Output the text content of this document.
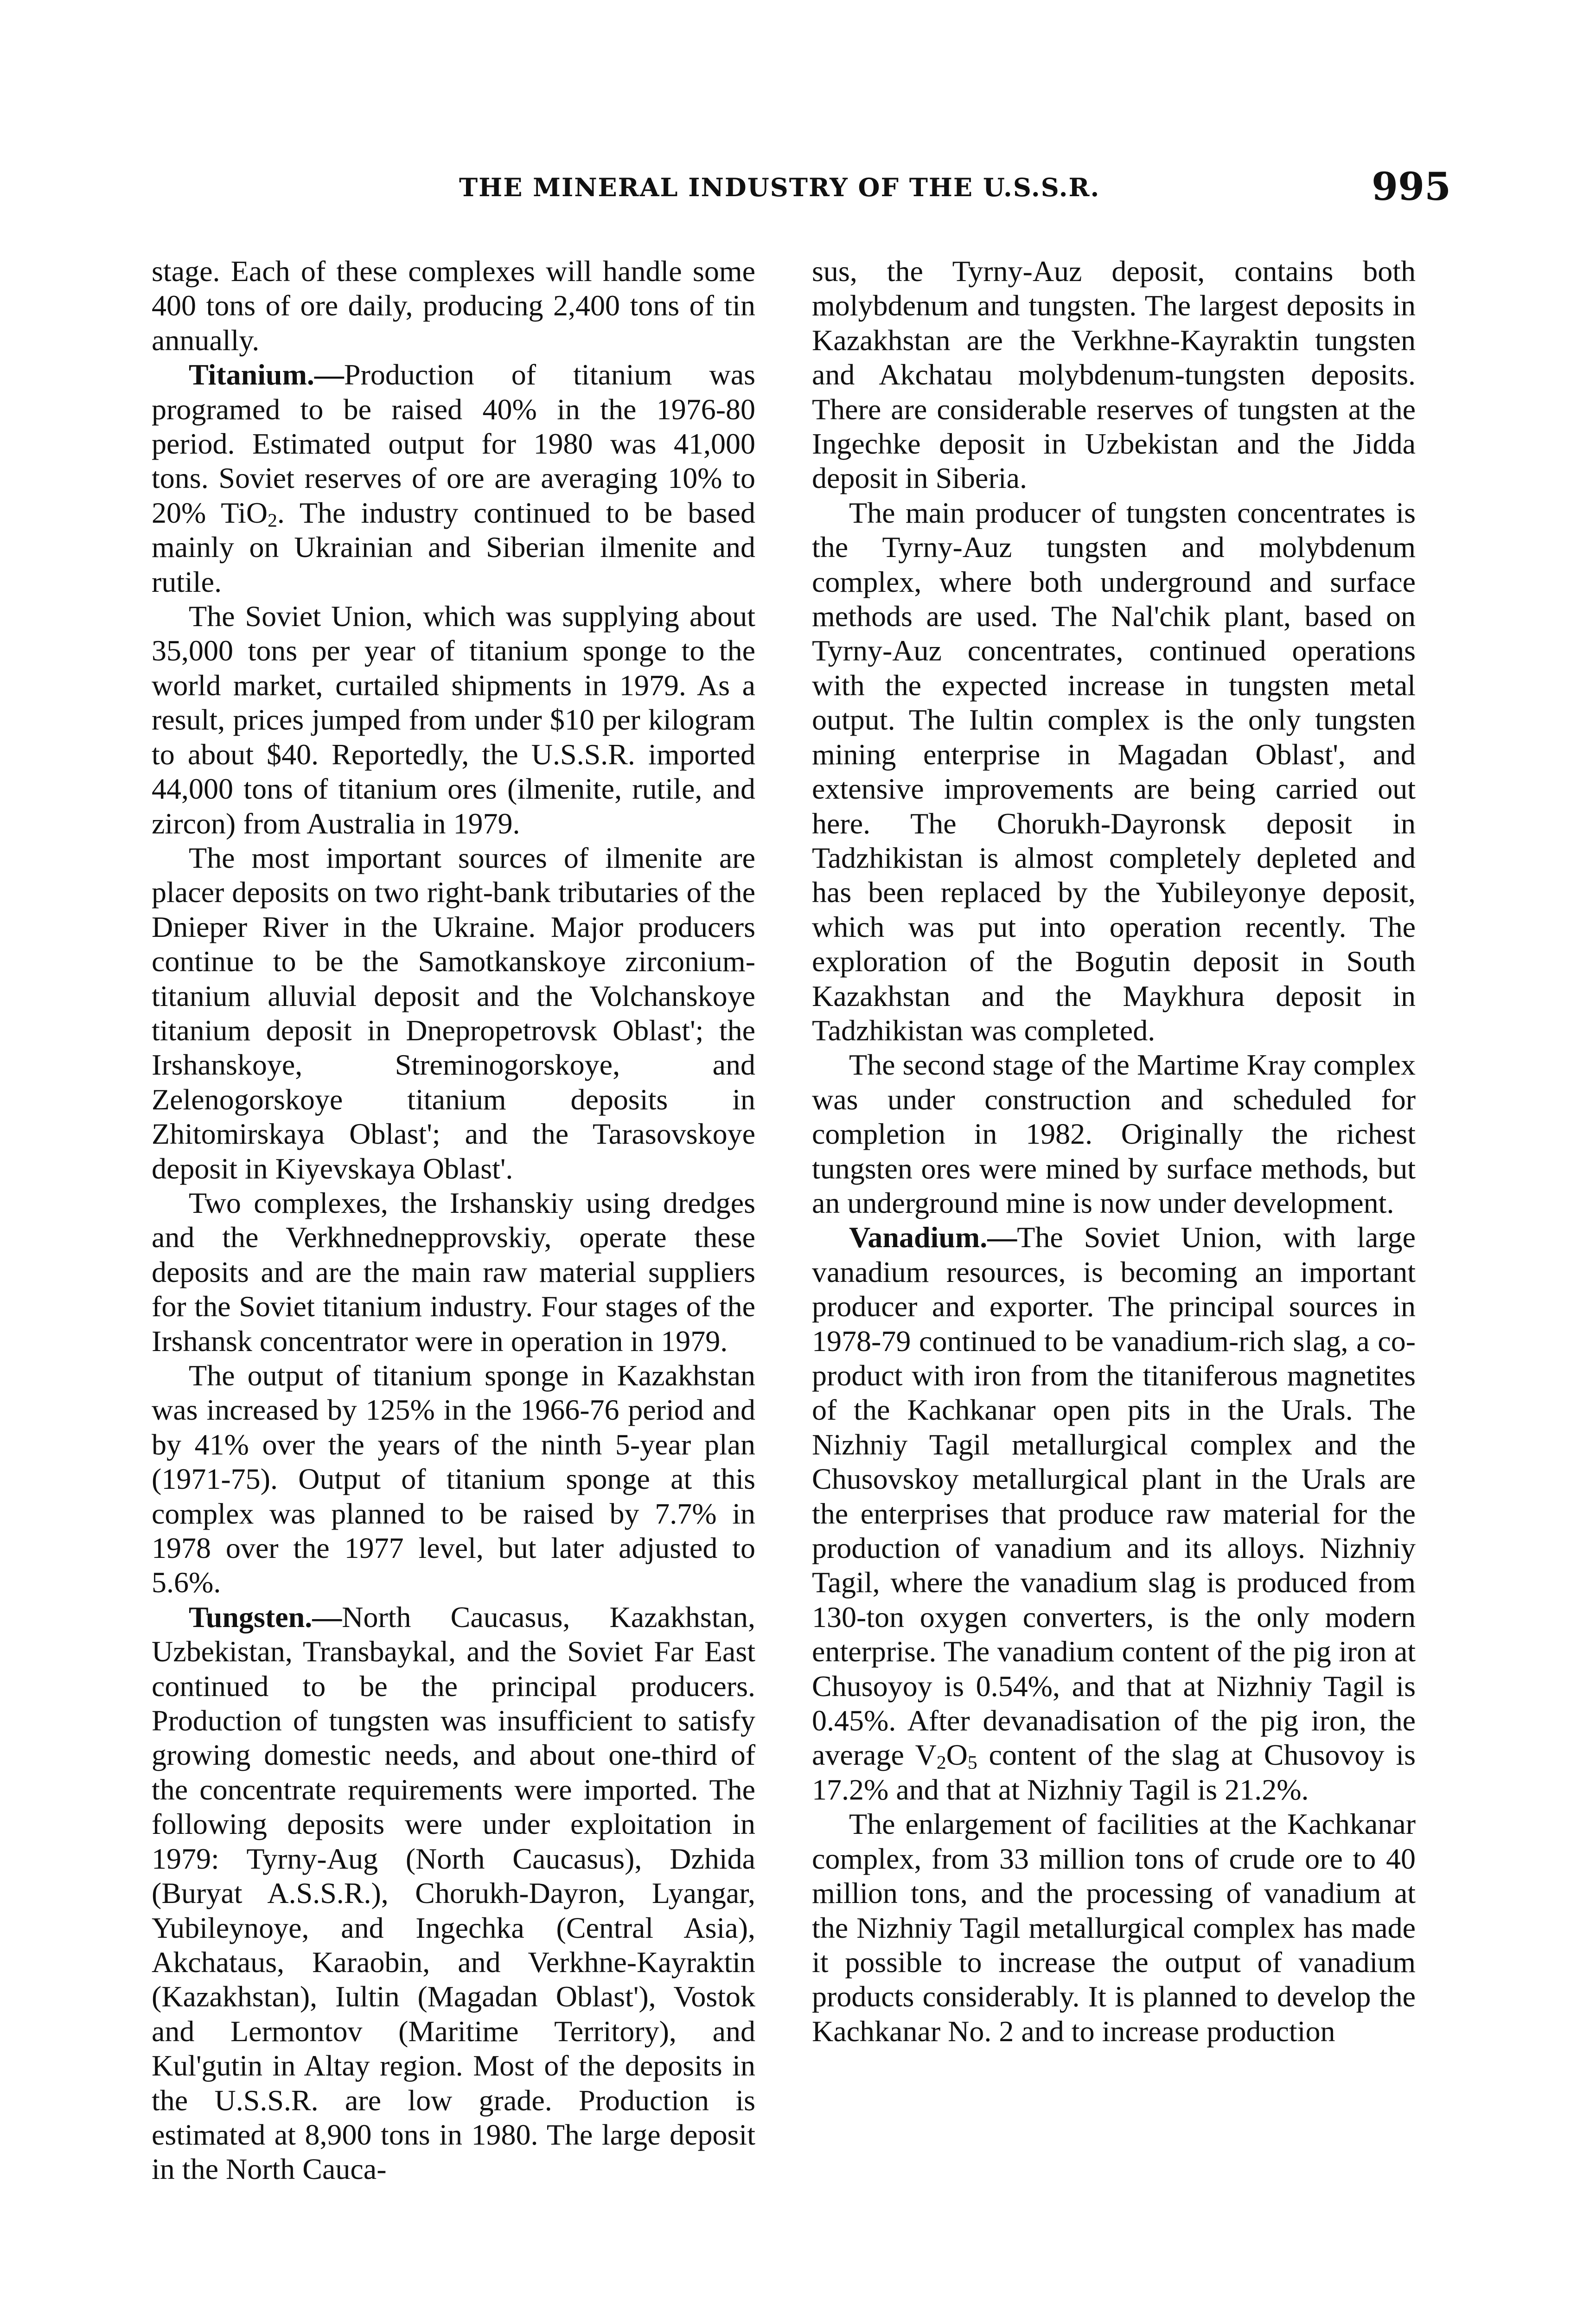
THE MINERAL INDUSTRY OF THE U.S.S.R.	995

stage. Each of these complexes will handle some 400 tons of ore daily, producing 2,400 tons of tin annually.

Titanium.—Production of titanium was programed to be raised 40% in the 1976-80 period. Estimated output for 1980 was 41,000 tons. Soviet reserves of ore are averaging 10% to 20% TiO$_2$. The industry continued to be based mainly on Ukrainian and Siberian ilmenite and rutile.

The Soviet Union, which was supplying about 35,000 tons per year of titanium sponge to the world market, curtailed shipments in 1979. As a result, prices jumped from under $10 per kilogram to about $40. Reportedly, the U.S.S.R. imported 44,000 tons of titanium ores (ilmenite, rutile, and zircon) from Australia in 1979.

The most important sources of ilmenite are placer deposits on two right-bank tributaries of the Dnieper River in the Ukraine. Major producers continue to be the Samotkanskoye zirconium-titanium alluvial deposit and the Volchanskoye titanium deposit in Dnepropetrovsk Oblast'; the Irshanskoye, Streminogorskoye, and Zelenogorskoye titanium deposits in Zhitomirskaya Oblast'; and the Tarasovskoye deposit in Kiyevskaya Oblast'.

Two complexes, the Irshanskiy using dredges and the Verkhnednepprovskiy, operate these deposits and are the main raw material suppliers for the Soviet titanium industry. Four stages of the Irshansk concentrator were in operation in 1979.

The output of titanium sponge in Kazakhstan was increased by 125% in the 1966-76 period and by 41% over the years of the ninth 5-year plan (1971-75). Output of titanium sponge at this complex was planned to be raised by 7.7% in 1978 over the 1977 level, but later adjusted to 5.6%.

Tungsten.—North Caucasus, Kazakhstan, Uzbekistan, Transbaykal, and the Soviet Far East continued to be the principal producers. Production of tungsten was insufficient to satisfy growing domestic needs, and about one-third of the concentrate requirements were imported. The following deposits were under exploitation in 1979: Tyrny-Aug (North Caucasus), Dzhida (Buryat A.S.S.R.), Chorukh-Dayron, Lyangar, Yubileynoye, and Ingechka (Central Asia), Akchataus, Karaobin, and Verkhne-Kayraktin (Kazakhstan), Iultin (Magadan Oblast'), Vostok and Lermontov (Maritime Territory), and Kul'gutin in Altay region. Most of the deposits in the U.S.S.R. are low grade. Production is estimated at 8,900 tons in 1980. The large deposit in the North Cauca-

sus, the Tyrny-Auz deposit, contains both molybdenum and tungsten. The largest deposits in Kazakhstan are the Verkhne-Kayraktin tungsten and Akchatau molybdenum-tungsten deposits. There are considerable reserves of tungsten at the Ingechke deposit in Uzbekistan and the Jidda deposit in Siberia.

The main producer of tungsten concentrates is the Tyrny-Auz tungsten and molybdenum complex, where both underground and surface methods are used. The Nal'chik plant, based on Tyrny-Auz concentrates, continued operations with the expected increase in tungsten metal output. The Iultin complex is the only tungsten mining enterprise in Magadan Oblast', and extensive improvements are being carried out here. The Chorukh-Dayronsk deposit in Tadzhikistan is almost completely depleted and has been replaced by the Yubileyonye deposit, which was put into operation recently. The exploration of the Bogutin deposit in South Kazakhstan and the Maykhura deposit in Tadzhikistan was completed.

The second stage of the Martime Kray complex was under construction and scheduled for completion in 1982. Originally the richest tungsten ores were mined by surface methods, but an underground mine is now under development.

Vanadium.—The Soviet Union, with large vanadium resources, is becoming an important producer and exporter. The principal sources in 1978-79 continued to be vanadium-rich slag, a co-product with iron from the titaniferous magnetites of the Kachkanar open pits in the Urals. The Nizhniy Tagil metallurgical complex and the Chusovskoy metallurgical plant in the Urals are the enterprises that produce raw material for the production of vanadium and its alloys. Nizhniy Tagil, where the vanadium slag is produced from 130-ton oxygen converters, is the only modern enterprise. The vanadium content of the pig iron at Chusoyoy is 0.54%, and that at Nizhniy Tagil is 0.45%. After devanadisation of the pig iron, the average $V_2O_5$ content of the slag at Chusovoy is 17.2% and that at Nizhniy Tagil is 21.2%.

The enlargement of facilities at the Kachkanar complex, from 33 million tons of crude ore to 40 million tons, and the processing of vanadium at the Nizhniy Tagil metallurgical complex has made it possible to increase the output of vanadium products considerably. It is planned to develop the Kachkanar No. 2 and to increase production
